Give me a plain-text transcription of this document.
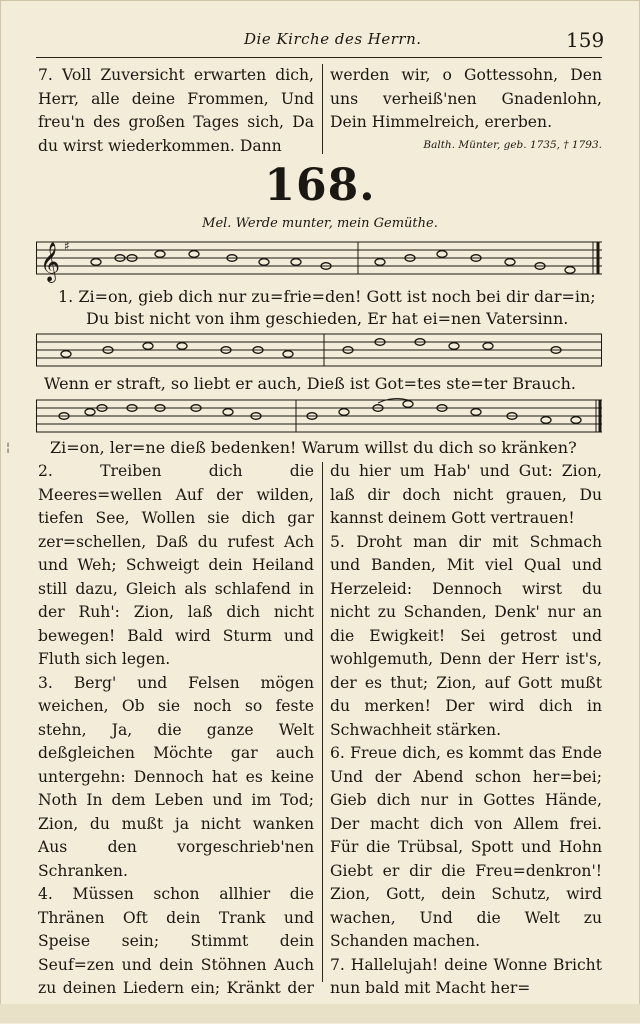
Die Kirche des Herrn.	159

7. Voll Zuversicht erwarten dich, Herr, alle deine Frommen, Und freu'n des großen Tages sich, Da du wirst wiederkommen. Dann

werden wir, o Gottessohn, Den uns verheiß'nen Gnadenlohn, Dein Himmelreich, ererben.

Balth. Münter, geb. 1735, † 1793.

168.
Mel. Werde munter, mein Gemüthe.
𝄞 ♯
1. Zi=on, gieb dich nur zu=frie=den! Gott ist noch bei dir dar=in;
Du bist nicht von ihm geschieden, Er hat ei=nen Vatersinn.
Wenn er straft, so liebt er auch, Dieß ist Got=tes ste=ter Brauch.
Zi=on, ler=ne dieß bedenken! Warum willst du dich so kränken?
¦

2. Treiben dich die Meeres=wellen Auf der wilden, tiefen See, Wollen sie dich gar zer=schellen, Daß du rufest Ach und Weh; Schweigt dein Heiland still dazu, Gleich als schlafend in der Ruh': Zion, laß dich nicht bewegen! Bald wird Sturm und Fluth sich legen.

3. Berg' und Felsen mögen weichen, Ob sie noch so feste stehn, Ja, die ganze Welt deßgleichen Möchte gar auch untergehn: Dennoch hat es keine Noth In dem Leben und im Tod; Zion, du mußt ja nicht wanken Aus den vorgeschrieb'nen Schranken.

4. Müssen schon allhier die Thränen Oft dein Trank und Speise sein; Stimmt dein Seuf=zen und dein Stöhnen Auch zu deinen Liedern ein; Kränkt der

du hier um Hab' und Gut: Zion, laß dir doch nicht grauen, Du kannst deinem Gott vertrauen!

5. Droht man dir mit Schmach und Banden, Mit viel Qual und Herzeleid: Dennoch wirst du nicht zu Schanden, Denk' nur an die Ewigkeit! Sei getrost und wohlgemuth, Denn der Herr ist's, der es thut; Zion, auf Gott mußt du merken! Der wird dich in Schwachheit stärken.

6. Freue dich, es kommt das Ende Und der Abend schon her=bei; Gieb dich nur in Gottes Hände, Der macht dich von Allem frei. Für die Trübsal, Spott und Hohn Giebt er dir die Freu=denkron'! Zion, Gott, dein Schutz, wird wachen, Und die Welt zu Schanden machen.

7. Hallelujah! deine Wonne Bricht nun bald mit Macht her=
